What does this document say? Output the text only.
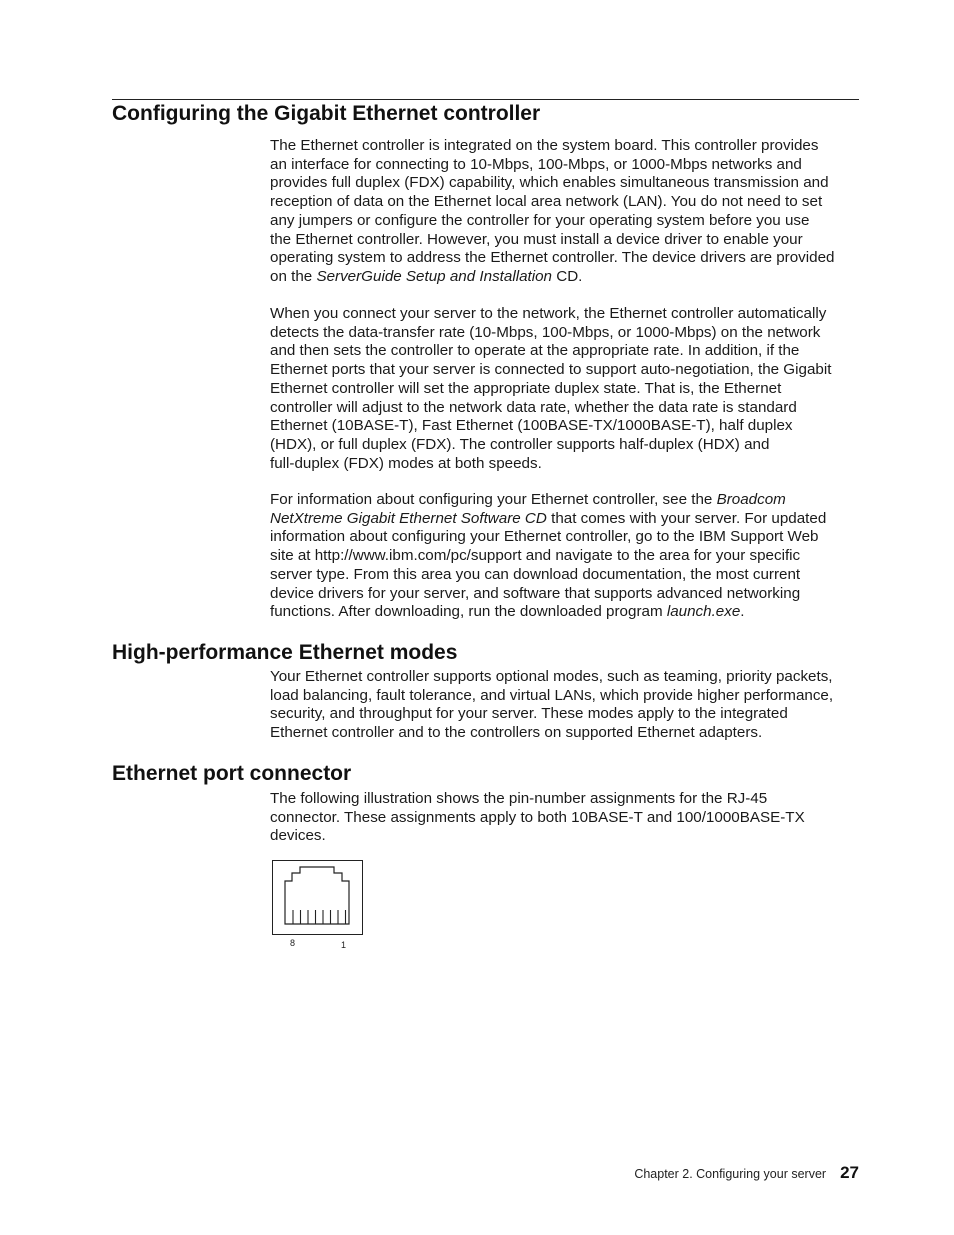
Configuring the Gigabit Ethernet controller
The Ethernet controller is integrated on the system board. This controller provides
an interface for connecting to 10-Mbps, 100-Mbps, or 1000-Mbps networks and
provides full duplex (FDX) capability, which enables simultaneous transmission and
reception of data on the Ethernet local area network (LAN). You do not need to set
any jumpers or configure the controller for your operating system before you use
the Ethernet controller. However, you must install a device driver to enable your
operating system to address the Ethernet controller. The device drivers are provided
on the ServerGuide Setup and Installation CD.
When you connect your server to the network, the Ethernet controller automatically
detects the data-transfer rate (10-Mbps, 100-Mbps, or 1000-Mbps) on the network
and then sets the controller to operate at the appropriate rate. In addition, if the
Ethernet ports that your server is connected to support auto-negotiation, the Gigabit
Ethernet controller will set the appropriate duplex state. That is, the Ethernet
controller will adjust to the network data rate, whether the data rate is standard
Ethernet (10BASE-T), Fast Ethernet (100BASE-TX/1000BASE-T), half duplex
(HDX), or full duplex (FDX). The controller supports half-duplex (HDX) and
full-duplex (FDX) modes at both speeds.
For information about configuring your Ethernet controller, see the Broadcom
NetXtreme Gigabit Ethernet Software CD that comes with your server. For updated
information about configuring your Ethernet controller, go to the IBM Support Web
site at http://www.ibm.com/pc/support and navigate to the area for your specific
server type. From this area you can download documentation, the most current
device drivers for your server, and software that supports advanced networking
functions. After downloading, run the downloaded program launch.exe.
High-performance Ethernet modes
Your Ethernet controller supports optional modes, such as teaming, priority packets,
load balancing, fault tolerance, and virtual LANs, which provide higher performance,
security, and throughput for your server. These modes apply to the integrated
Ethernet controller and to the controllers on supported Ethernet adapters.
Ethernet port connector
The following illustration shows the pin-number assignments for the RJ-45
connector. These assignments apply to both 10BASE-T and 100/1000BASE-TX
devices.
8	1
Chapter 2. Configuring your server 27
